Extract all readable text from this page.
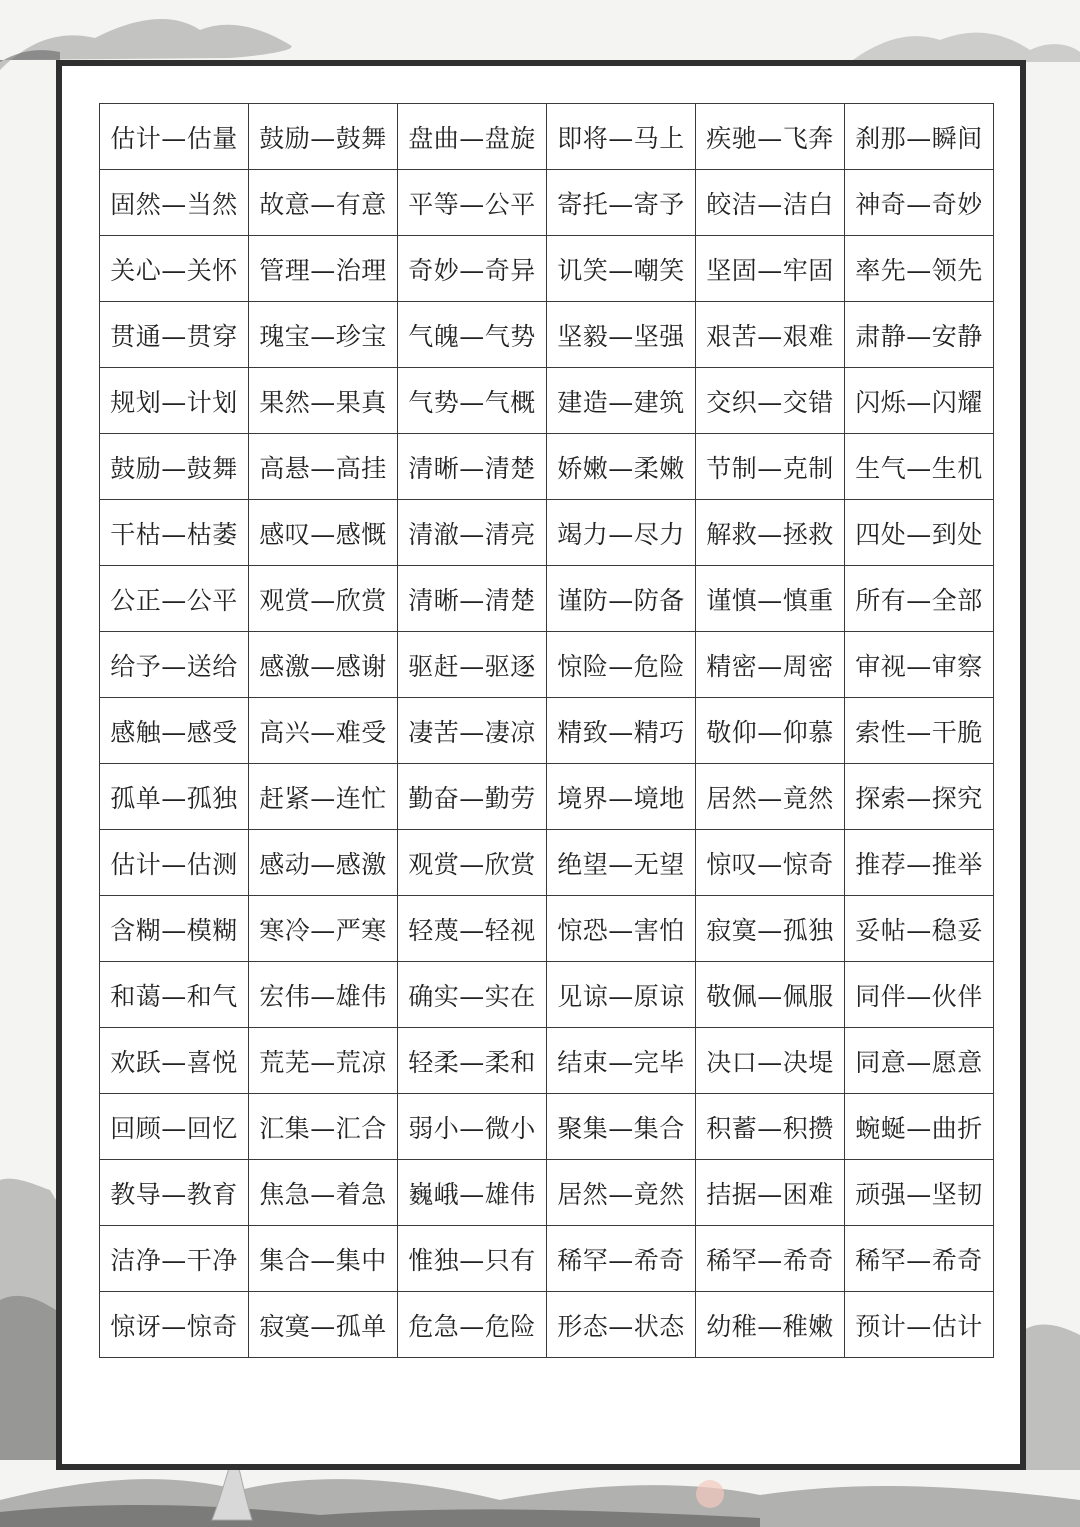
估计—估量	鼓励—鼓舞	盘曲—盘旋	即将—马上	疾驰—飞奔	刹那—瞬间
固然—当然	故意—有意	平等—公平	寄托—寄予	皎洁—洁白	神奇—奇妙
关心—关怀	管理—治理	奇妙—奇异	讥笑—嘲笑	坚固—牢固	率先—领先
贯通—贯穿	瑰宝—珍宝	气魄—气势	坚毅—坚强	艰苦—艰难	肃静—安静
规划—计划	果然—果真	气势—气概	建造—建筑	交织—交错	闪烁—闪耀
鼓励—鼓舞	高悬—高挂	清晰—清楚	娇嫩—柔嫩	节制—克制	生气—生机
干枯—枯萎	感叹—感慨	清澈—清亮	竭力—尽力	解救—拯救	四处—到处
公正—公平	观赏—欣赏	清晰—清楚	谨防—防备	谨慎—慎重	所有—全部
给予—送给	感激—感谢	驱赶—驱逐	惊险—危险	精密—周密	审视—审察
感触—感受	高兴—难受	凄苦—凄凉	精致—精巧	敬仰—仰慕	索性—干脆
孤单—孤独	赶紧—连忙	勤奋—勤劳	境界—境地	居然—竟然	探索—探究
估计—估测	感动—感激	观赏—欣赏	绝望—无望	惊叹—惊奇	推荐—推举
含糊—模糊	寒冷—严寒	轻蔑—轻视	惊恐—害怕	寂寞—孤独	妥帖—稳妥
和蔼—和气	宏伟—雄伟	确实—实在	见谅—原谅	敬佩—佩服	同伴—伙伴
欢跃—喜悦	荒芜—荒凉	轻柔—柔和	结束—完毕	决口—决堤	同意—愿意
回顾—回忆	汇集—汇合	弱小—微小	聚集—集合	积蓄—积攒	蜿蜒—曲折
教导—教育	焦急—着急	巍峨—雄伟	居然—竟然	拮据—困难	顽强—坚韧
洁净—干净	集合—集中	惟独—只有	稀罕—希奇	稀罕—希奇	稀罕—希奇
惊讶—惊奇	寂寞—孤单	危急—危险	形态—状态	幼稚—稚嫩	预计—估计
